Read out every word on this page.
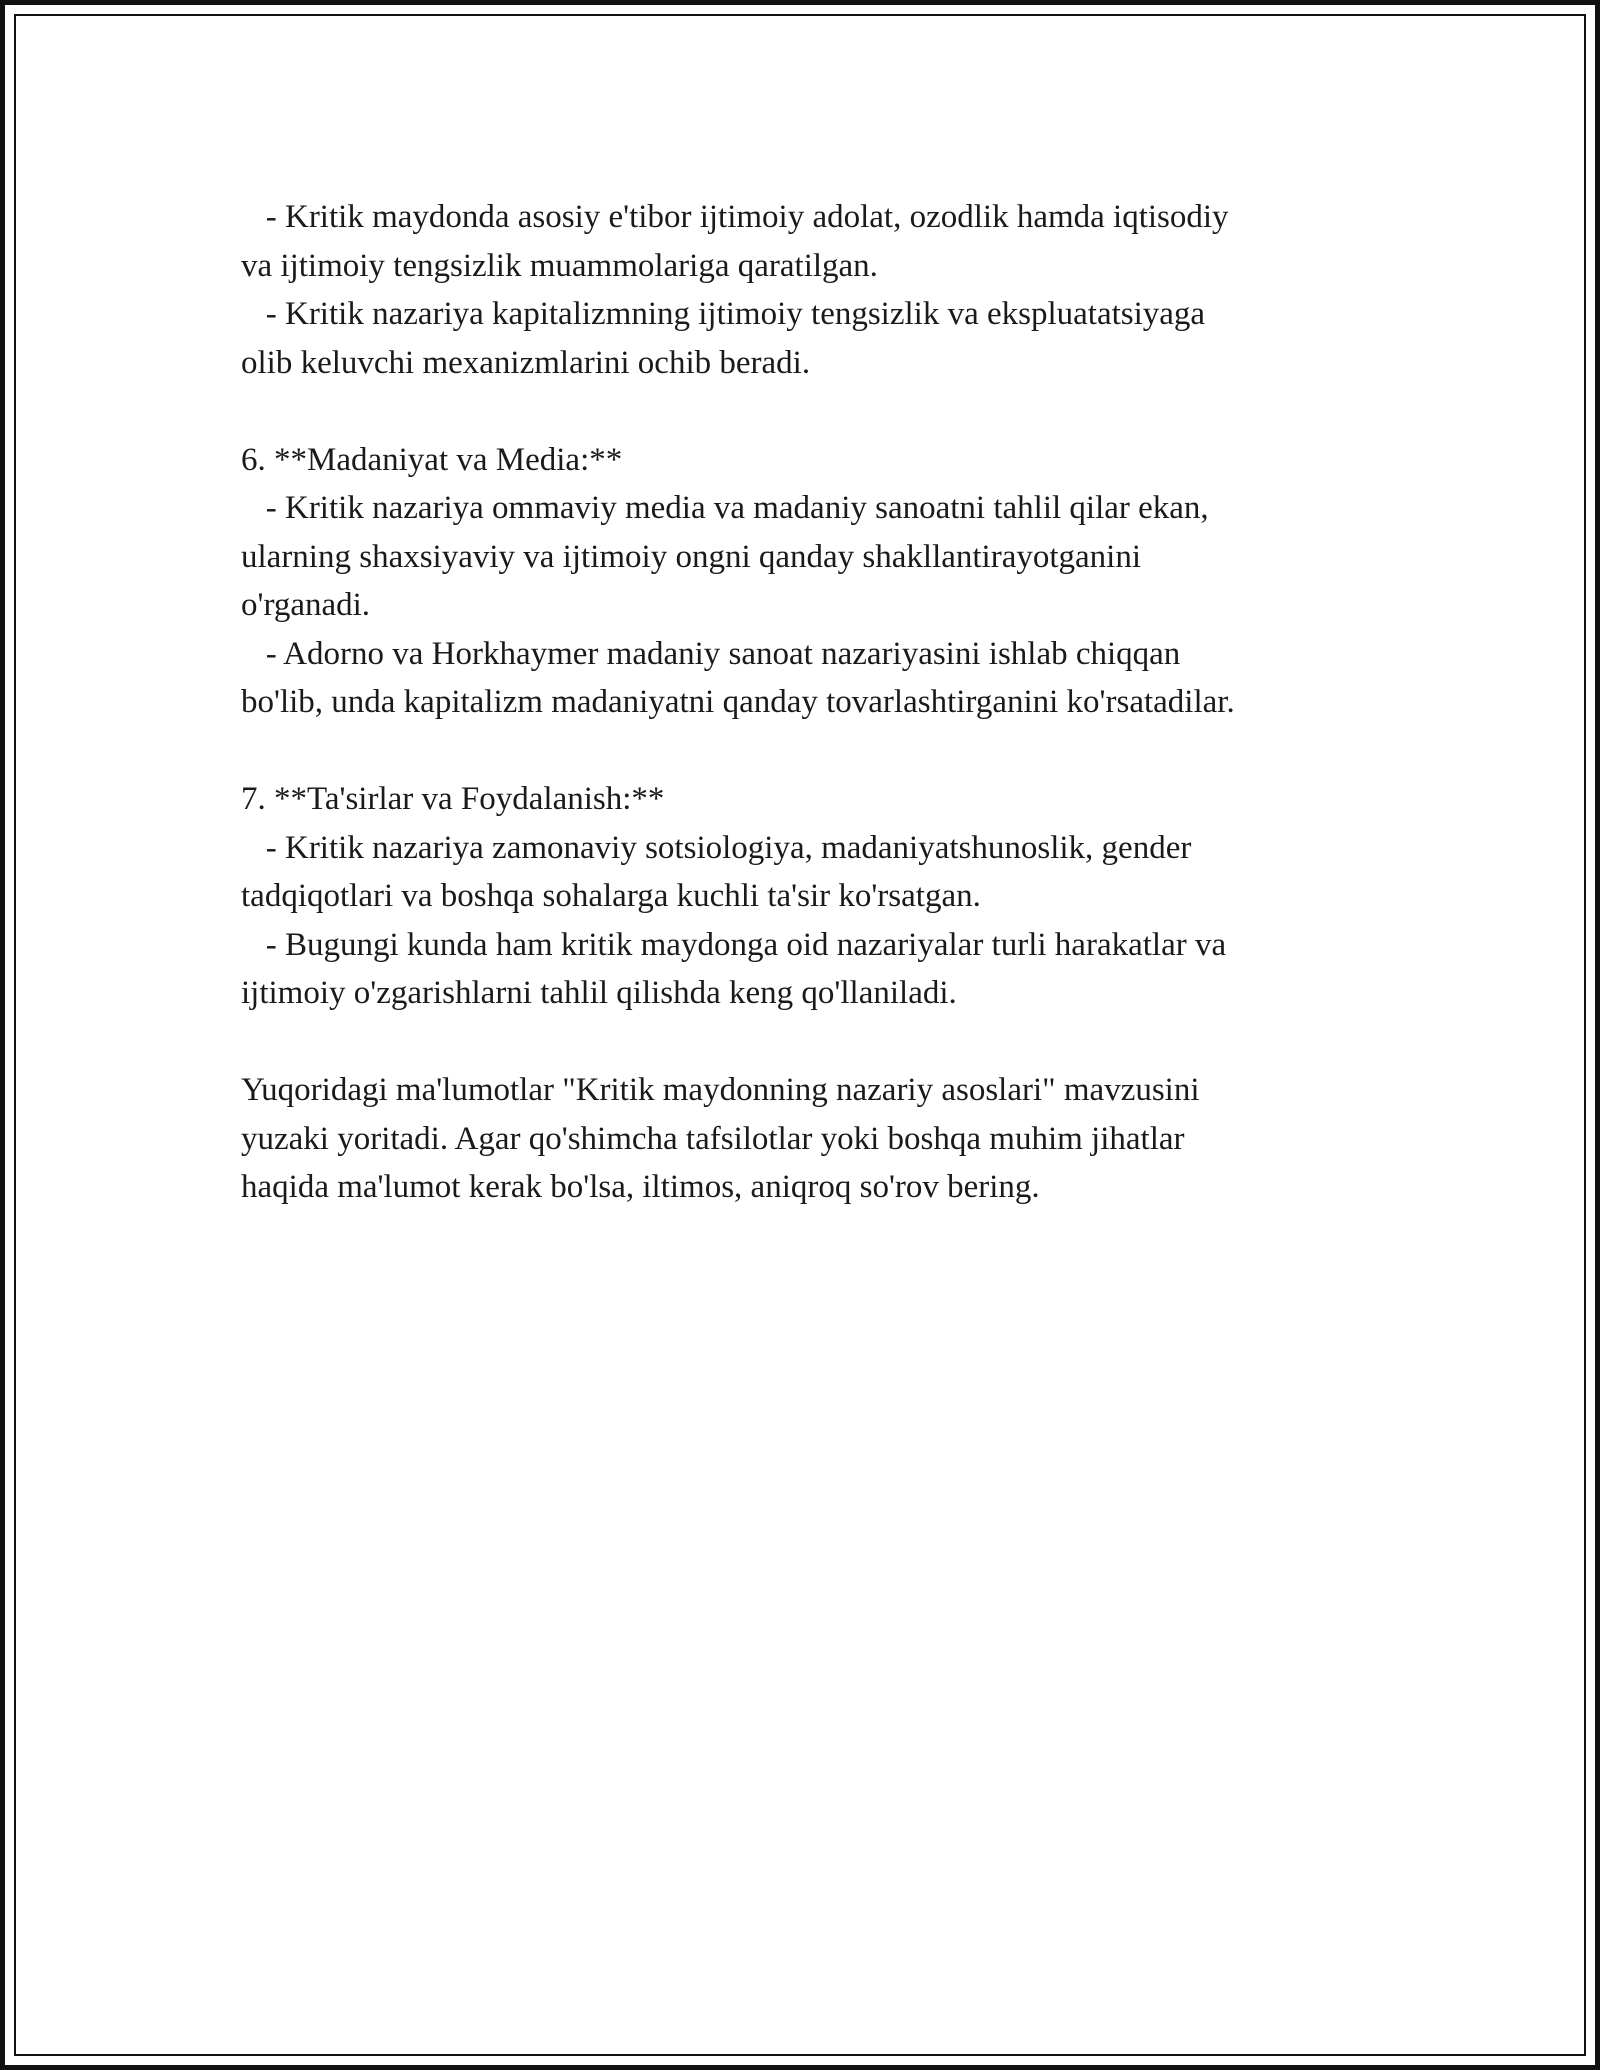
- Kritik maydonda asosiy e'tibor ijtimoiy adolat, ozodlik hamda iqtisodiy
va ijtimoiy tengsizlik muammolariga qaratilgan.
- Kritik nazariya kapitalizmning ijtimoiy tengsizlik va ekspluatatsiyaga
olib keluvchi mexanizmlarini ochib beradi.
6. **Madaniyat va Media:**
- Kritik nazariya ommaviy media va madaniy sanoatni tahlil qilar ekan,
ularning shaxsiyaviy va ijtimoiy ongni qanday shakllantirayotganini
o'rganadi.
- Adorno va Horkhaymer madaniy sanoat nazariyasini ishlab chiqqan
bo'lib, unda kapitalizm madaniyatni qanday tovarlashtirganini ko'rsatadilar.
7. **Ta'sirlar va Foydalanish:**
- Kritik nazariya zamonaviy sotsiologiya, madaniyatshunoslik, gender
tadqiqotlari va boshqa sohalarga kuchli ta'sir ko'rsatgan.
- Bugungi kunda ham kritik maydonga oid nazariyalar turli harakatlar va
ijtimoiy o'zgarishlarni tahlil qilishda keng qo'llaniladi.
Yuqoridagi ma'lumotlar "Kritik maydonning nazariy asoslari" mavzusini
yuzaki yoritadi. Agar qo'shimcha tafsilotlar yoki boshqa muhim jihatlar
haqida ma'lumot kerak bo'lsa, iltimos, aniqroq so'rov bering.
